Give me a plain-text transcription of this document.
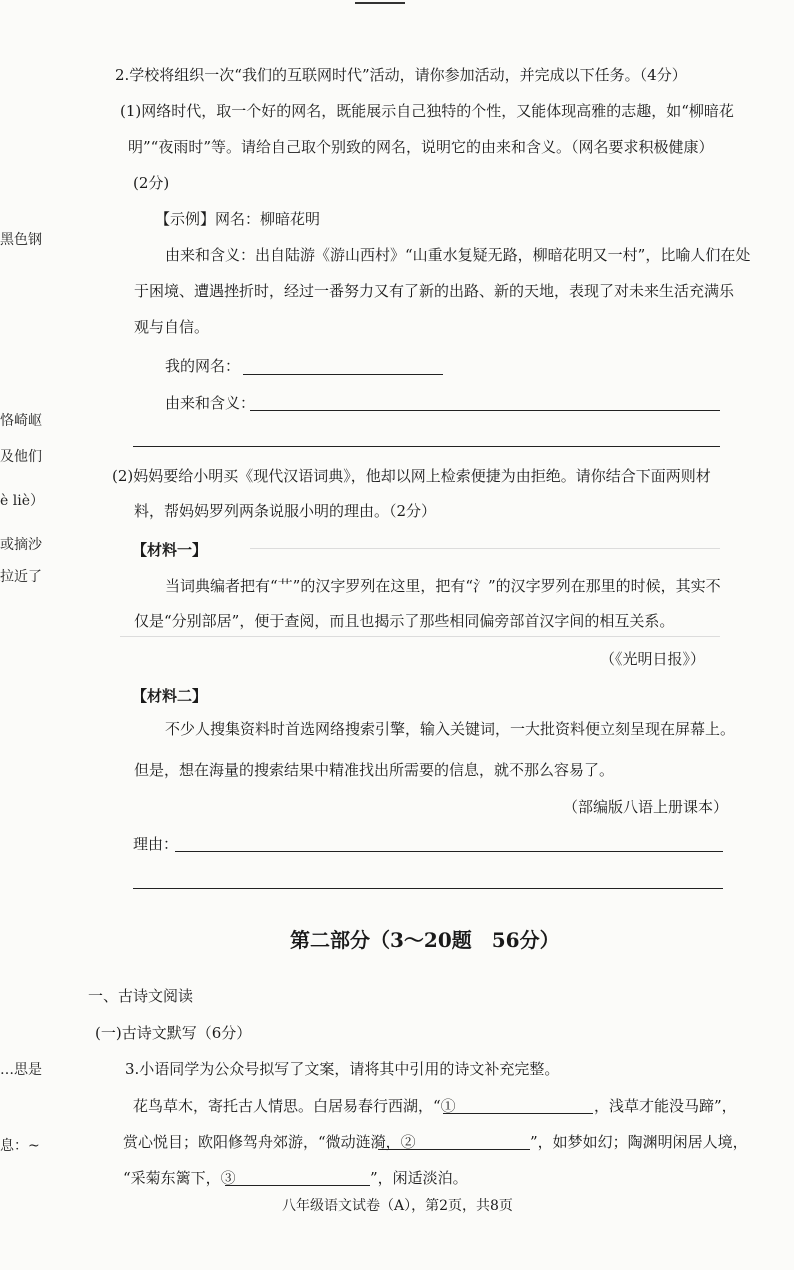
黑色钢
恪崎岖
及他们
è liè）
或摘沙
拉近了
…思是
息：~
2.学校将组织一次“我们的互联网时代”活动，请你参加活动，并完成以下任务。（4分）
(1)网络时代，取一个好的网名，既能展示自己独特的个性，又能体现高雅的志趣，如“柳暗花
明”“夜雨时”等。请给自己取个别致的网名，说明它的由来和含义。（网名要求积极健康）
(2分)
【示例】网名：柳暗花明
由来和含义：出自陆游《游山西村》“山重水复疑无路，柳暗花明又一村”，比喻人们在处
于困境、遭遇挫折时，经过一番努力又有了新的出路、新的天地，表现了对未来生活充满乐
观与自信。
我的网名：
由来和含义：
(2)妈妈要给小明买《现代汉语词典》，他却以网上检索便捷为由拒绝。请你结合下面两则材
料，帮妈妈罗列两条说服小明的理由。（2分）
【材料一】
当词典编者把有“艹”的汉字罗列在这里，把有“氵”的汉字罗列在那里的时候，其实不
仅是“分别部居”，便于查阅，而且也揭示了那些相同偏旁部首汉字间的相互关系。
（《光明日报》）
【材料二】
不少人搜集资料时首选网络搜索引擎，输入关键词，一大批资料便立刻呈现在屏幕上。
但是，想在海量的搜索结果中精准找出所需要的信息，就不那么容易了。
（部编版八语上册课本）
理由：
第二部分（3～20题　56分）
一、古诗文阅读
(一)古诗文默写（6分）
3.小语同学为公众号拟写了文案，请将其中引用的诗文补充完整。
花鸟草木，寄托古人情思。白居易春行西湖，“①	，浅草才能没马蹄”，
赏心悦目；欧阳修驾舟郊游，“微动涟漪，②	”，如梦如幻；陶渊明闲居人境，
“采菊东篱下，③	”，闲适淡泊。
八年级语文试卷（A），第2页，共8页
